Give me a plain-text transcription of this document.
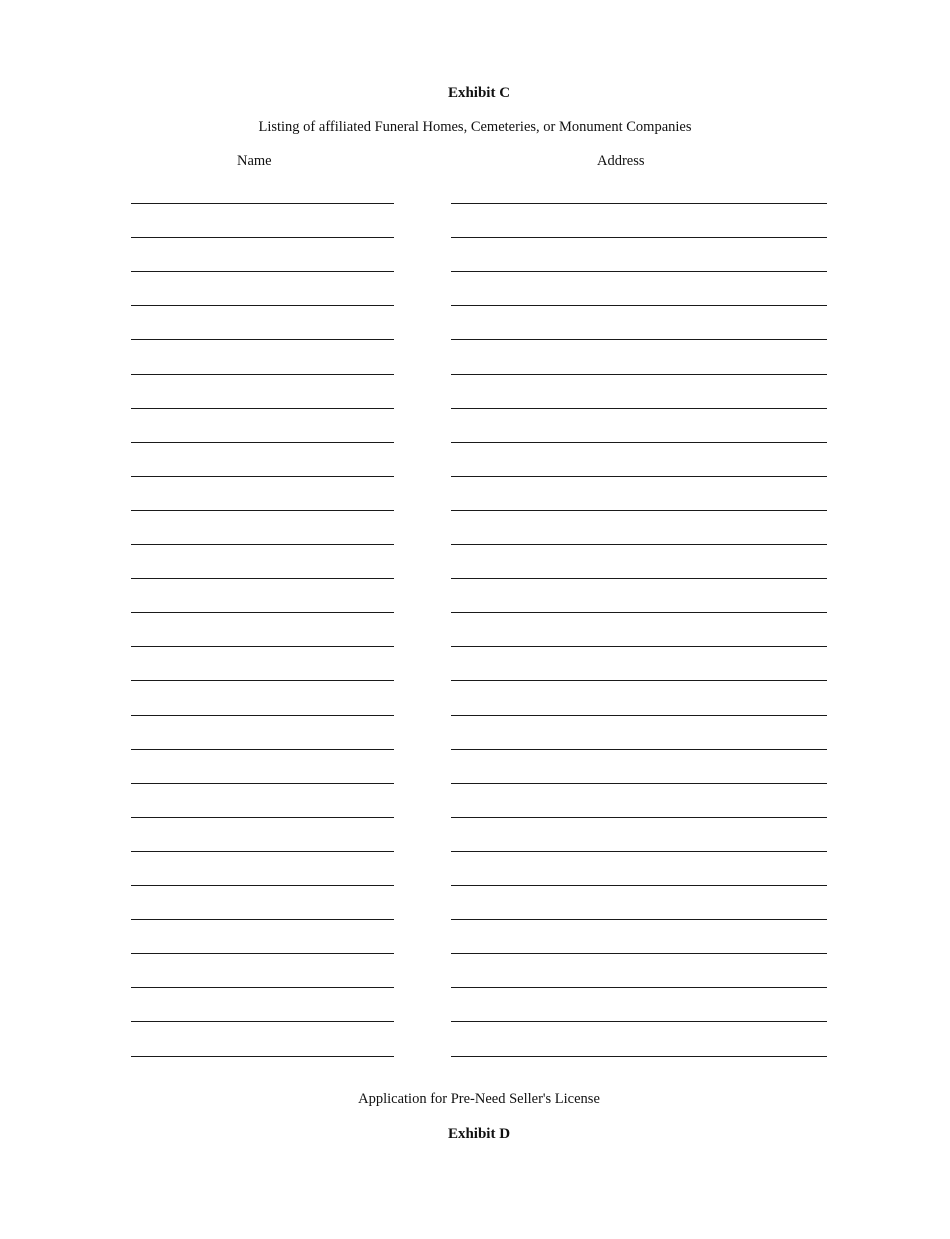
Exhibit C

Listing of affiliated Funeral Homes, Cemeteries, or Monument Companies

Name	Address

Application for Pre-Need Seller's License

Exhibit D
